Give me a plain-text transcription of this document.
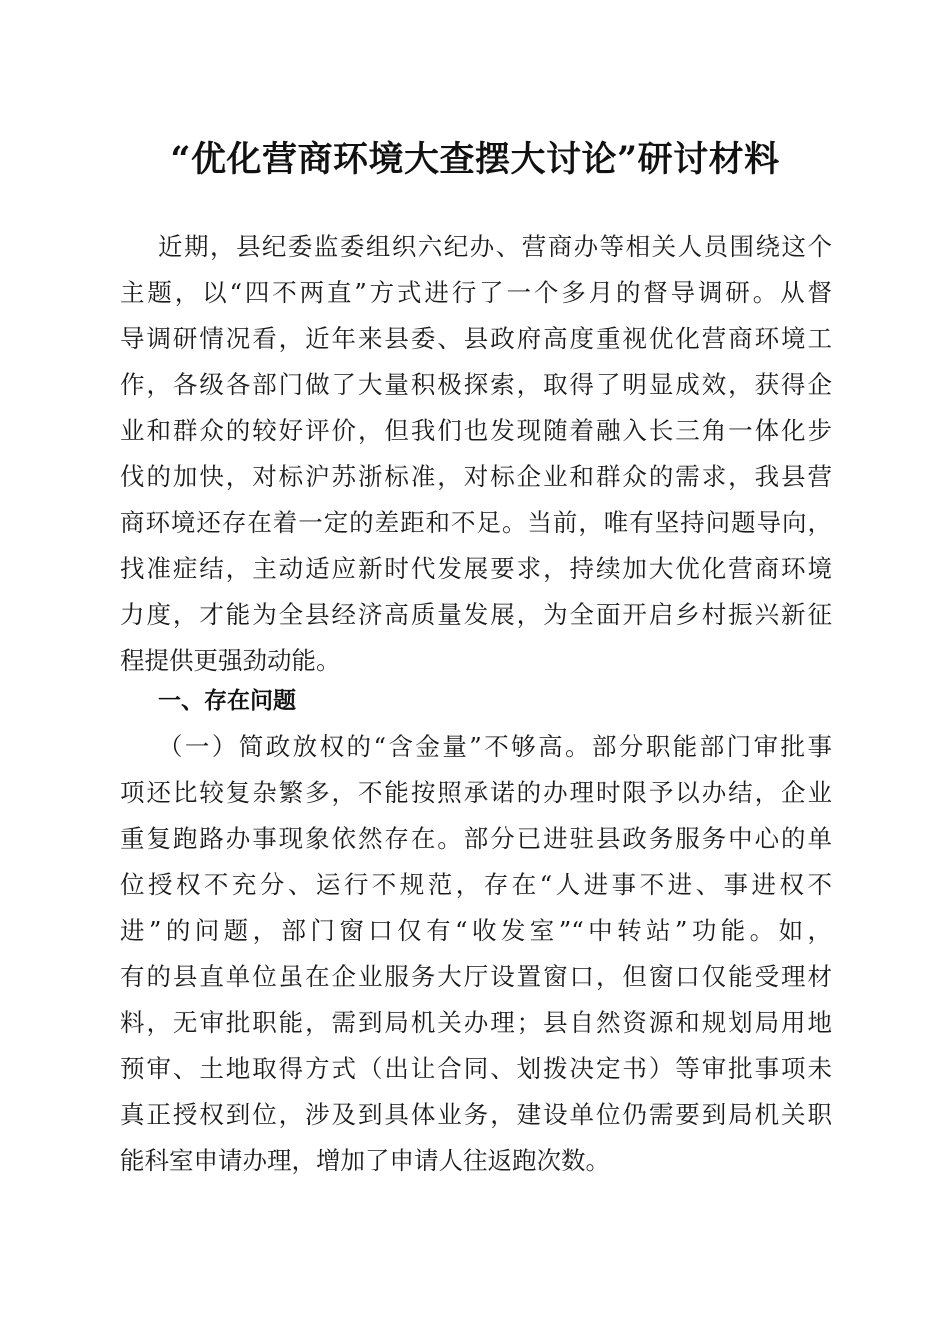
“优化营商环境大查摆大讨论”研讨材料
近期，县纪委监委组织六纪办、营商办等相关人员围绕这个
主题，以“四不两直”方式进行了一个多月的督导调研。从督
导调研情况看，近年来县委、县政府高度重视优化营商环境工
作，各级各部门做了大量积极探索，取得了明显成效，获得企
业和群众的较好评价，但我们也发现随着融入长三角一体化步
伐的加快，对标沪苏浙标准，对标企业和群众的需求，我县营
商环境还存在着一定的差距和不足。当前，唯有坚持问题导向，
找准症结，主动适应新时代发展要求，持续加大优化营商环境
力度，才能为全县经济高质量发展，为全面开启乡村振兴新征
程提供更强劲动能。
一、存在问题
（一）简政放权的“含金量”不够高。部分职能部门审批事
项还比较复杂繁多，不能按照承诺的办理时限予以办结，企业
重复跑路办事现象依然存在。部分已进驻县政务服务中心的单
位授权不充分、运行不规范，存在“人进事不进、事进权不
进”的问题，部门窗口仅有“收发室”“中转站”功能。如，
有的县直单位虽在企业服务大厅设置窗口，但窗口仅能受理材
料，无审批职能，需到局机关办理；县自然资源和规划局用地
预审、土地取得方式（出让合同、划拨决定书）等审批事项未
真正授权到位，涉及到具体业务，建设单位仍需要到局机关职
能科室申请办理，增加了申请人往返跑次数。
